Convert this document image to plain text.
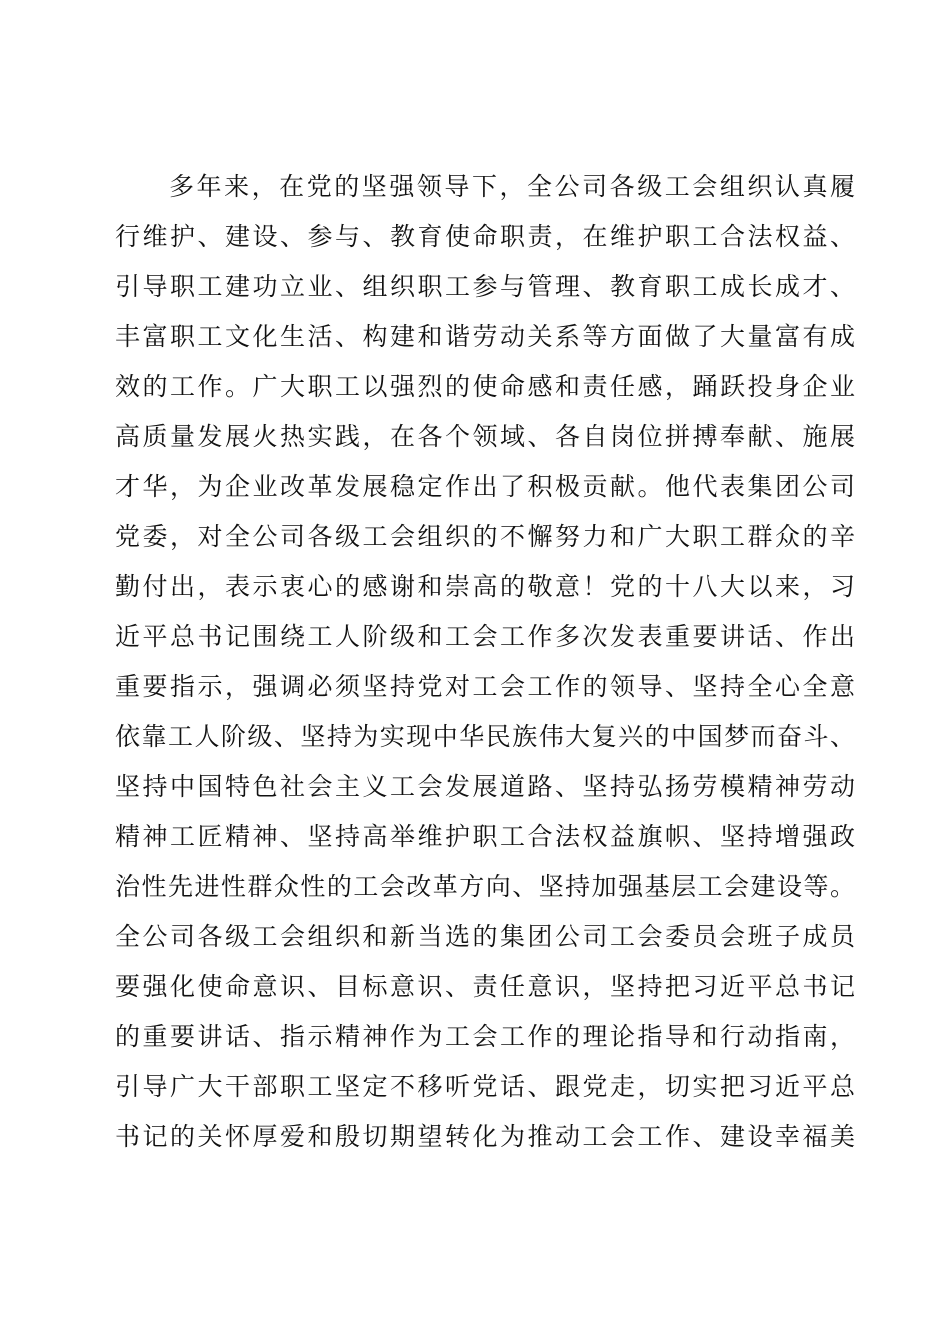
多年来，在党的坚强领导下，全公司各级工会组织认真履
行维护、建设、参与、教育使命职责，在维护职工合法权益、
引导职工建功立业、组织职工参与管理、教育职工成长成才、
丰富职工文化生活、构建和谐劳动关系等方面做了大量富有成
效的工作。广大职工以强烈的使命感和责任感，踊跃投身企业
高质量发展火热实践，在各个领域、各自岗位拼搏奉献、施展
才华，为企业改革发展稳定作出了积极贡献。他代表集团公司
党委，对全公司各级工会组织的不懈努力和广大职工群众的辛
勤付出，表示衷心的感谢和崇高的敬意！党的十八大以来，习
近平总书记围绕工人阶级和工会工作多次发表重要讲话、作出
重要指示，强调必须坚持党对工会工作的领导、坚持全心全意
依靠工人阶级、坚持为实现中华民族伟大复兴的中国梦而奋斗、
坚持中国特色社会主义工会发展道路、坚持弘扬劳模精神劳动
精神工匠精神、坚持高举维护职工合法权益旗帜、坚持增强政
治性先进性群众性的工会改革方向、坚持加强基层工会建设等。
全公司各级工会组织和新当选的集团公司工会委员会班子成员
要强化使命意识、目标意识、责任意识，坚持把习近平总书记
的重要讲话、指示精神作为工会工作的理论指导和行动指南，
引导广大干部职工坚定不移听党话、跟党走，切实把习近平总
书记的关怀厚爱和殷切期望转化为推动工会工作、建设幸福美
